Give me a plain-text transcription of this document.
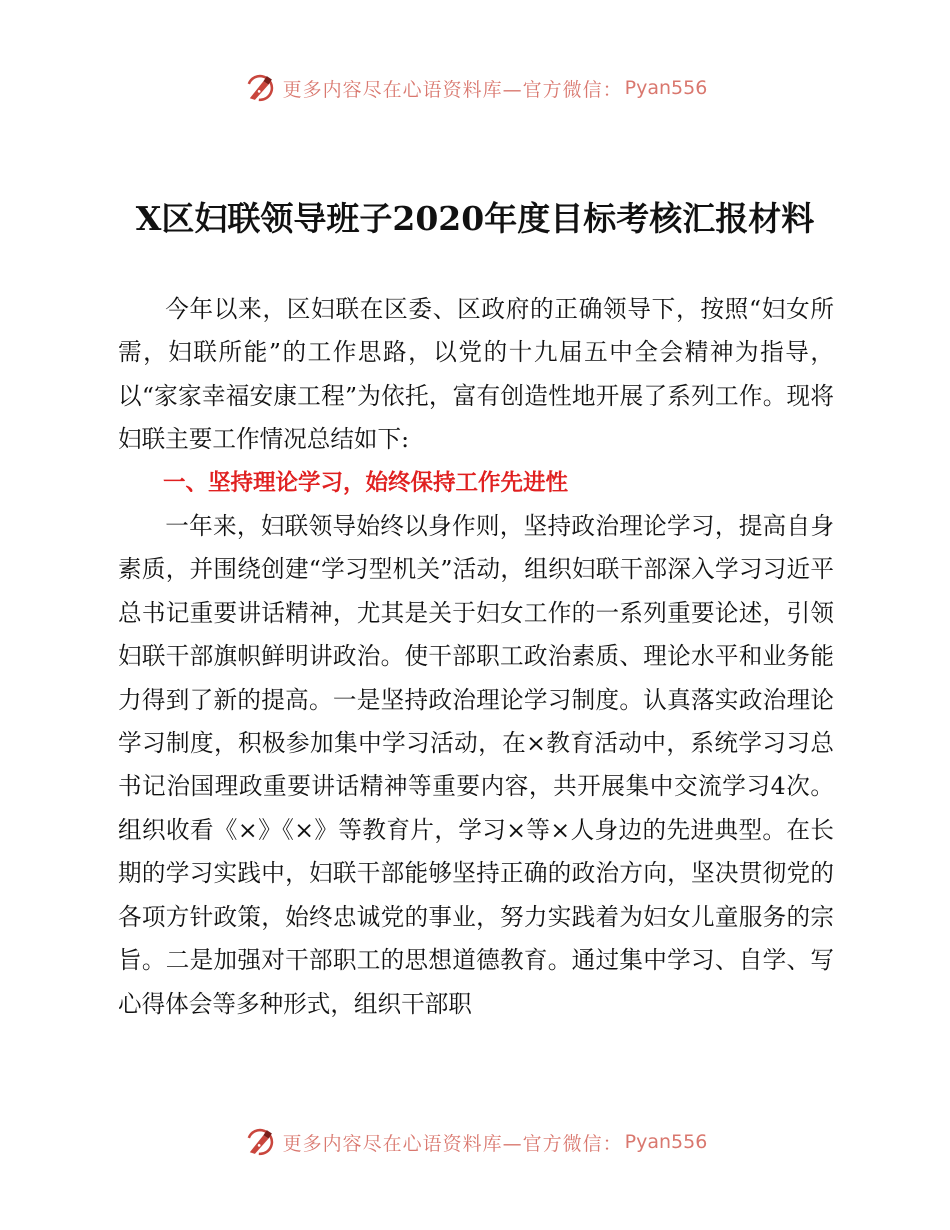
更多内容尽在心语资料库—官方微信： Pyan556
X区妇联领导班子2020年度目标考核汇报材料

今年以来，区妇联在区委、区政府的正确领导下，按照“妇女所需，妇联所能”的工作思路，以党的十九届五中全会精神为指导，以“家家幸福安康工程”为依托，富有创造性地开展了系列工作。现将妇联主要工作情况总结如下:

一、坚持理论学习，始终保持工作先进性

一年来，妇联领导始终以身作则，坚持政治理论学习，提高自身素质，并围绕创建“学习型机关”活动，组织妇联干部深入学习习近平总书记重要讲话精神，尤其是关于妇女工作的一系列重要论述，引领妇联干部旗帜鲜明讲政治。使干部职工政治素质、理论水平和业务能力得到了新的提高。一是坚持政治理论学习制度。认真落实政治理论学习制度，积极参加集中学习活动，在×教育活动中，系统学习习总书记治国理政重要讲话精神等重要内容，共开展集中交流学习4次。组织收看《×》《×》等教育片，学习×等×人身边的先进典型。在长期的学习实践中，妇联干部能够坚持正确的政治方向，坚决贯彻党的各项方针政策，始终忠诚党的事业，努力实践着为妇女儿童服务的宗旨。二是加强对干部职工的思想道德教育。通过集中学习、自学、写心得体会等多种形式，组织干部职

更多内容尽在心语资料库—官方微信： Pyan556
